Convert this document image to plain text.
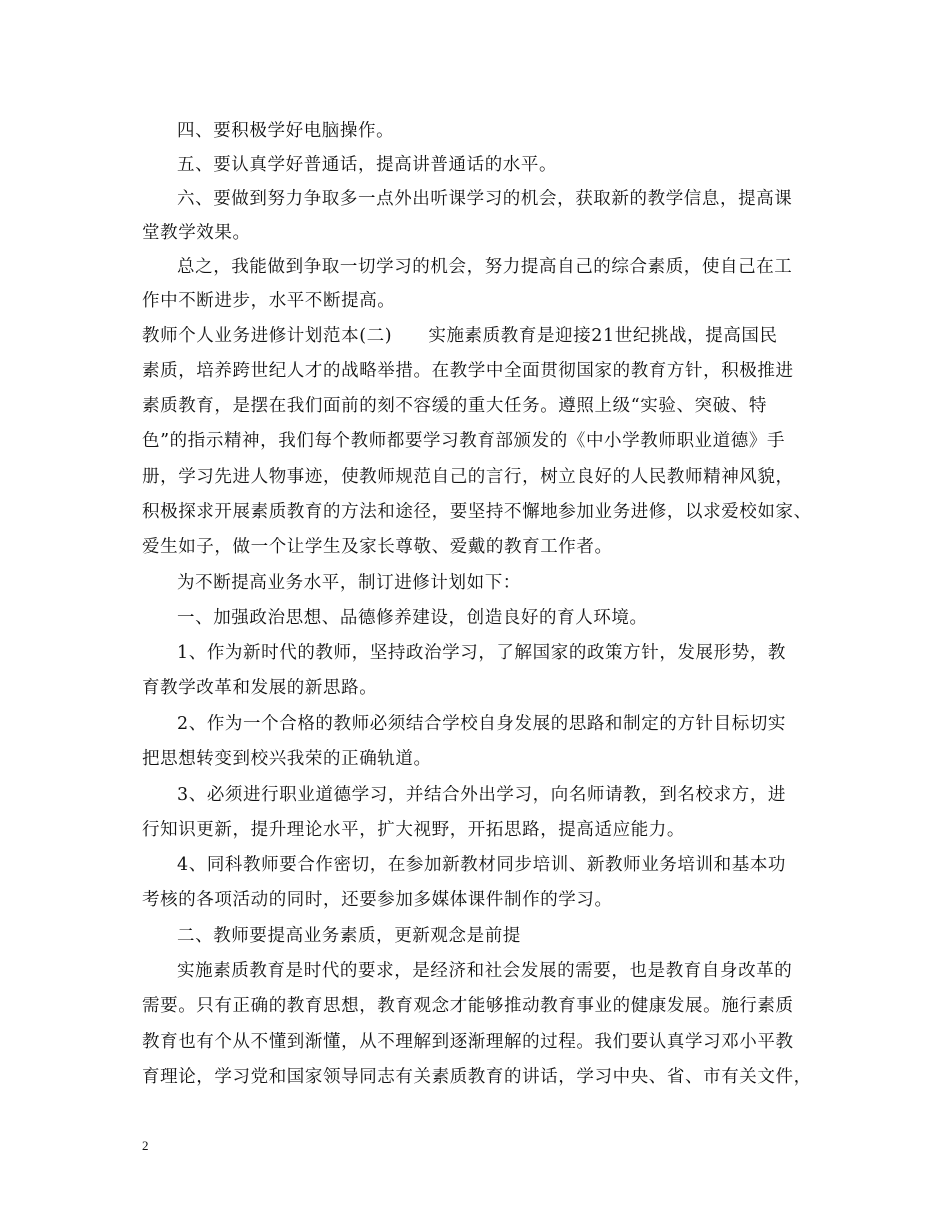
四、要积极学好电脑操作。
五、要认真学好普通话，提高讲普通话的水平。
六、要做到努力争取多一点外出听课学习的机会，获取新的教学信息，提高课
堂教学效果。
总之，我能做到争取一切学习的机会，努力提高自己的综合素质，使自己在工
作中不断进步，水平不断提高。
教师个人业务进修计划范本(二)　　实施素质教育是迎接21世纪挑战，提高国民
素质，培养跨世纪人才的战略举措。在教学中全面贯彻国家的教育方针，积极推进
素质教育，是摆在我们面前的刻不容缓的重大任务。遵照上级“实验、突破、特
色”的指示精神，我们每个教师都要学习教育部颁发的《中小学教师职业道德》手
册，学习先进人物事迹，使教师规范自己的言行，树立良好的人民教师精神风貌，
积极探求开展素质教育的方法和途径，要坚持不懈地参加业务进修，以求爱校如家、
爱生如子，做一个让学生及家长尊敬、爱戴的教育工作者。
为不断提高业务水平，制订进修计划如下：
一、加强政治思想、品德修养建设，创造良好的育人环境。
1、作为新时代的教师，坚持政治学习，了解国家的政策方针，发展形势，教
育教学改革和发展的新思路。
2、作为一个合格的教师必须结合学校自身发展的思路和制定的方针目标切实
把思想转变到校兴我荣的正确轨道。
3、必须进行职业道德学习，并结合外出学习，向名师请教，到名校求方，进
行知识更新，提升理论水平，扩大视野，开拓思路，提高适应能力。
4、同科教师要合作密切，在参加新教材同步培训、新教师业务培训和基本功
考核的各项活动的同时，还要参加多媒体课件制作的学习。
二、教师要提高业务素质，更新观念是前提
实施素质教育是时代的要求，是经济和社会发展的需要，也是教育自身改革的
需要。只有正确的教育思想，教育观念才能够推动教育事业的健康发展。施行素质
教育也有个从不懂到渐懂，从不理解到逐渐理解的过程。我们要认真学习邓小平教
育理论，学习党和国家领导同志有关素质教育的讲话，学习中央、省、市有关文件，
2
